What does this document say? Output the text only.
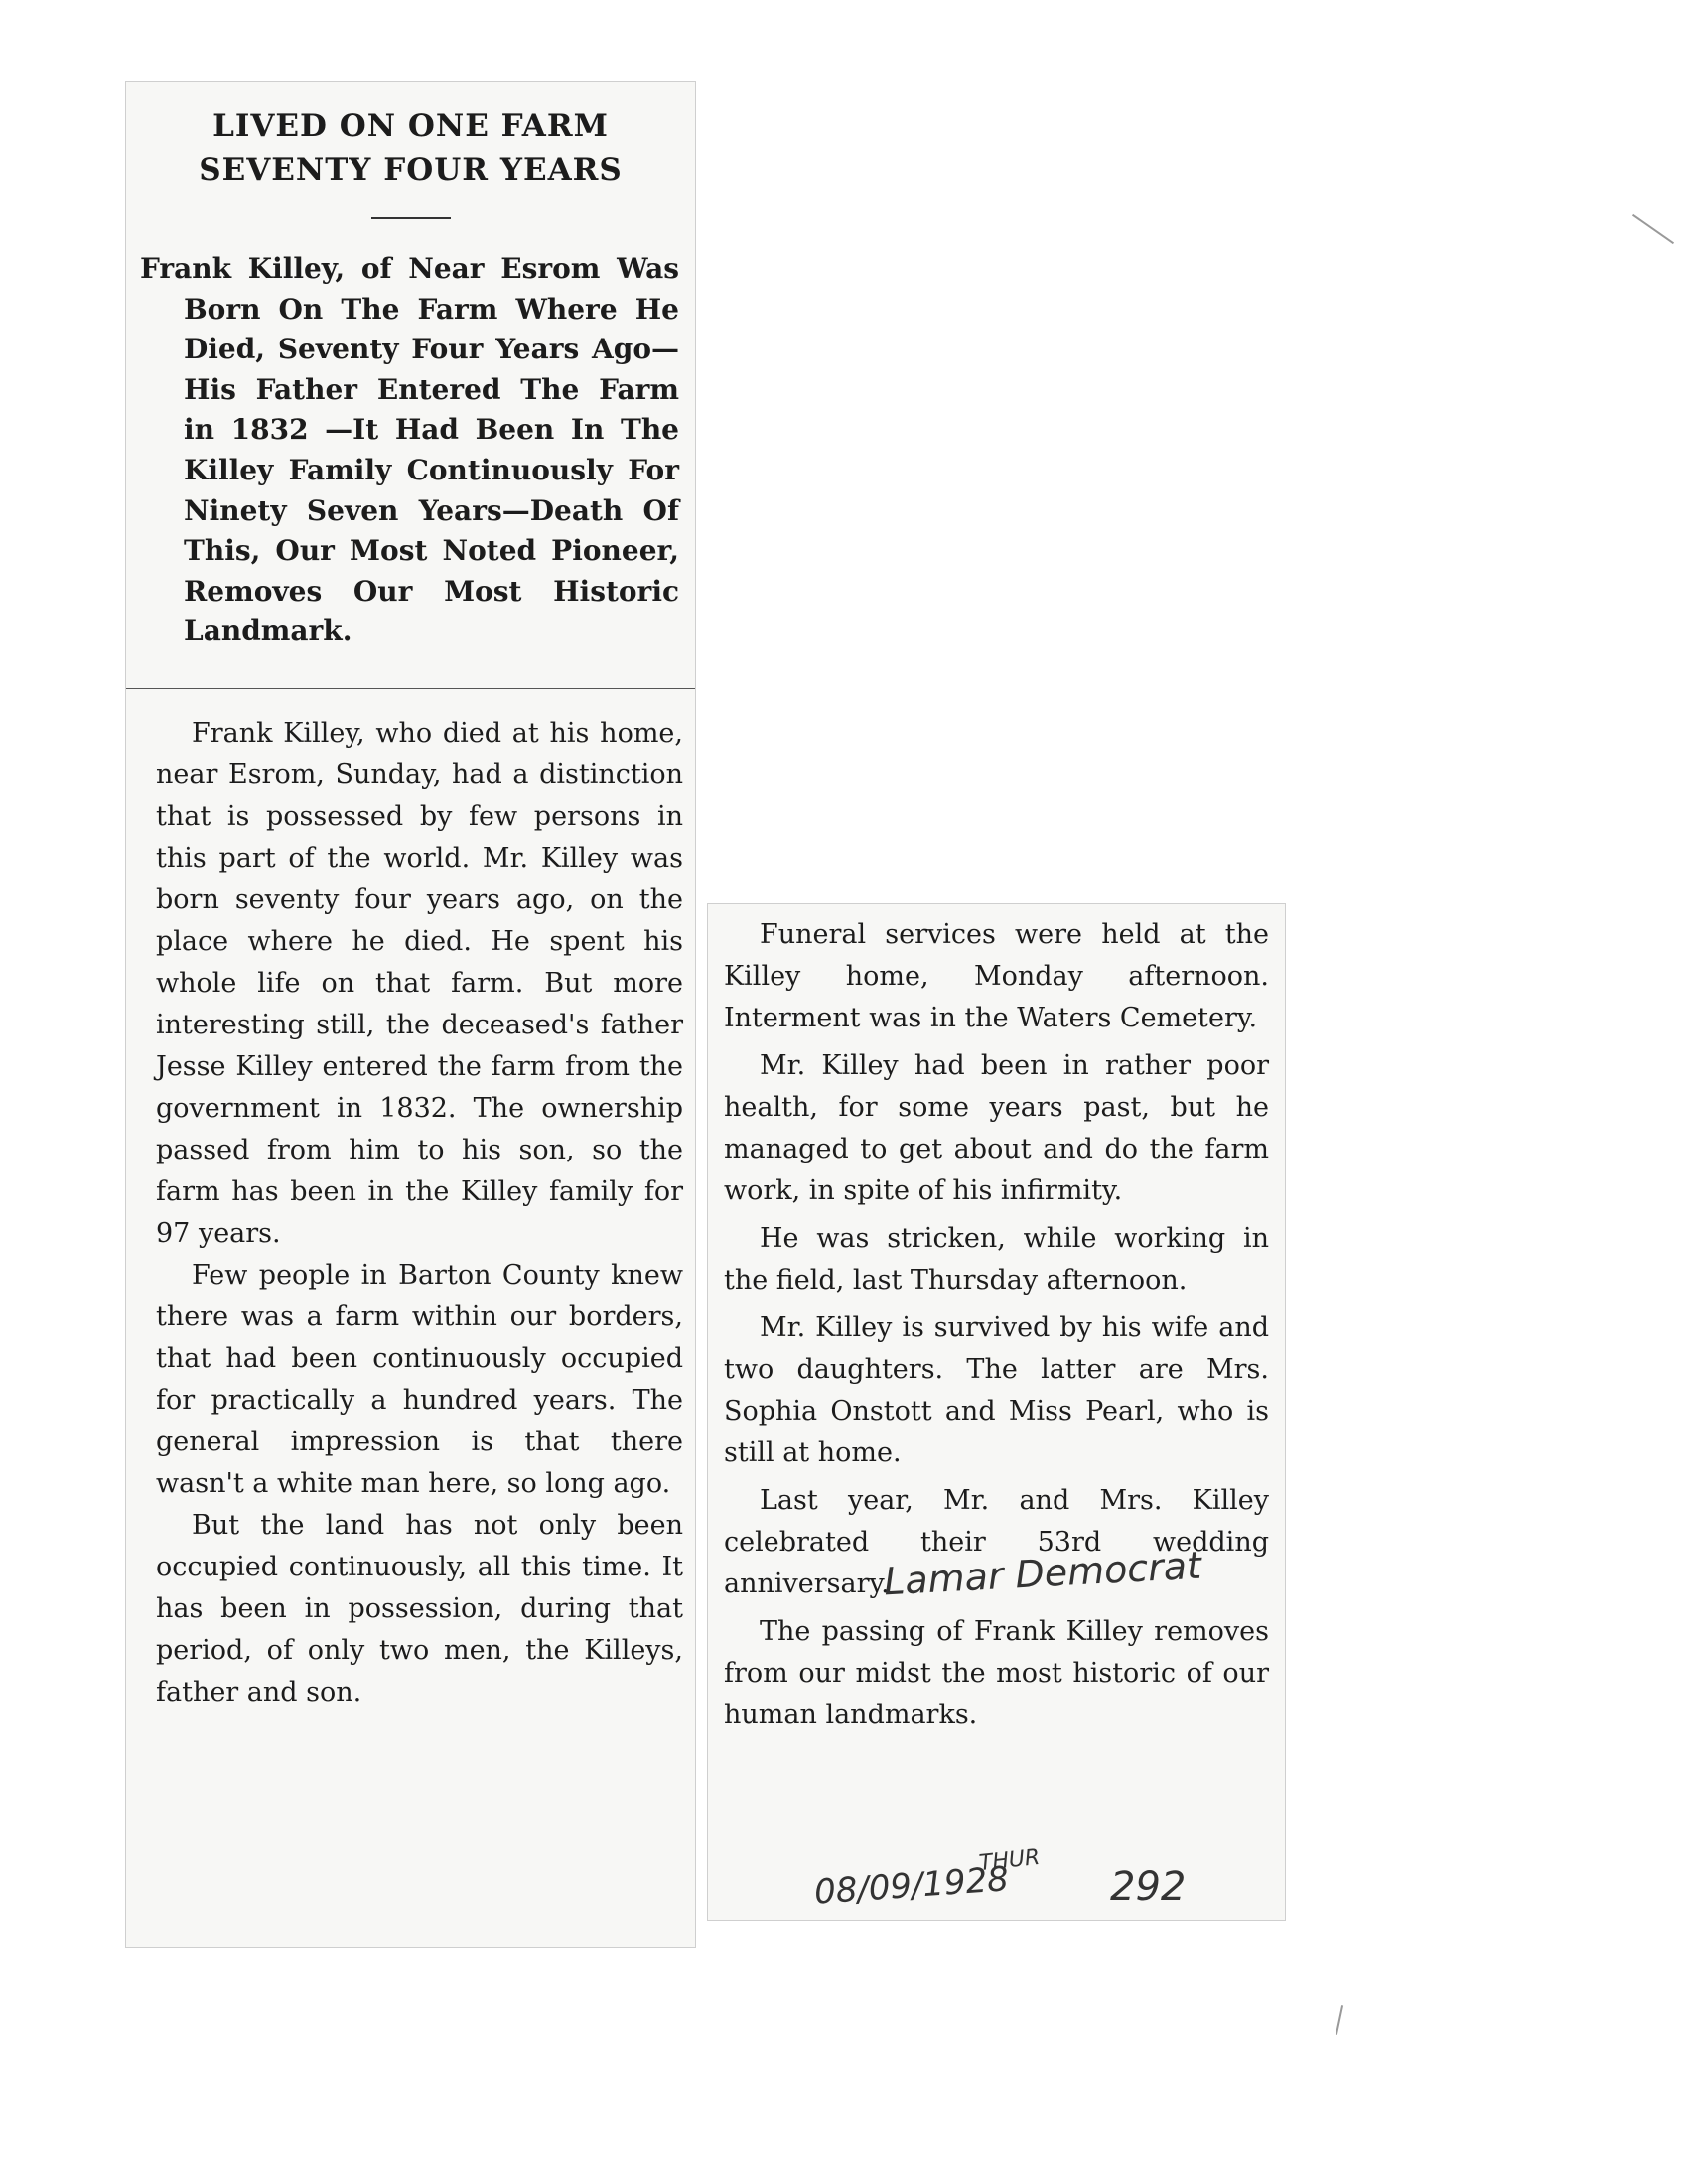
LIVED ON ONE FARM
SEVENTY FOUR YEARS
Frank Killey, of Near Esrom Was Born On The Farm Where He Died, Seventy Four Years Ago—His Father Entered The Farm in 1832 —It Had Been In The Killey Family Continuously For Ninety Seven Years—Death Of This, Our Most Noted Pioneer, Removes Our Most Historic Landmark.

Frank Killey, who died at his home, near Esrom, Sunday, had a distinction that is possessed by few persons in this part of the world. Mr. Killey was born seventy four years ago, on the place where he died. He spent his whole life on that farm. But more interesting still, the deceased's father Jesse Killey entered the farm from the government in 1832. The ownership passed from him to his son, so the farm has been in the Killey family for 97 years.

Few people in Barton County knew there was a farm within our borders, that had been continuously occupied for practically a hundred years. The general impression is that there wasn't a white man here, so long ago.

But the land has not only been occupied continuously, all this time. It has been in possession, during that period, of only two men, the Killeys, father and son.

Funeral services were held at the Killey home, Monday afternoon. Interment was in the Waters Cemetery.

Mr. Killey had been in rather poor health, for some years past, but he managed to get about and do the farm work, in spite of his infirmity.

He was stricken, while working in the field, last Thursday afternoon.

Mr. Killey is survived by his wife and two daughters. The latter are Mrs. Sophia Onstott and Miss Pearl, who is still at home.

Last year, Mr. and Mrs. Killey celebrated their 53rd wedding anniversary.

The passing of Frank Killey removes from our midst the most historic of our human landmarks.

Lamar Democrat
THUR
08/09/1928	292
